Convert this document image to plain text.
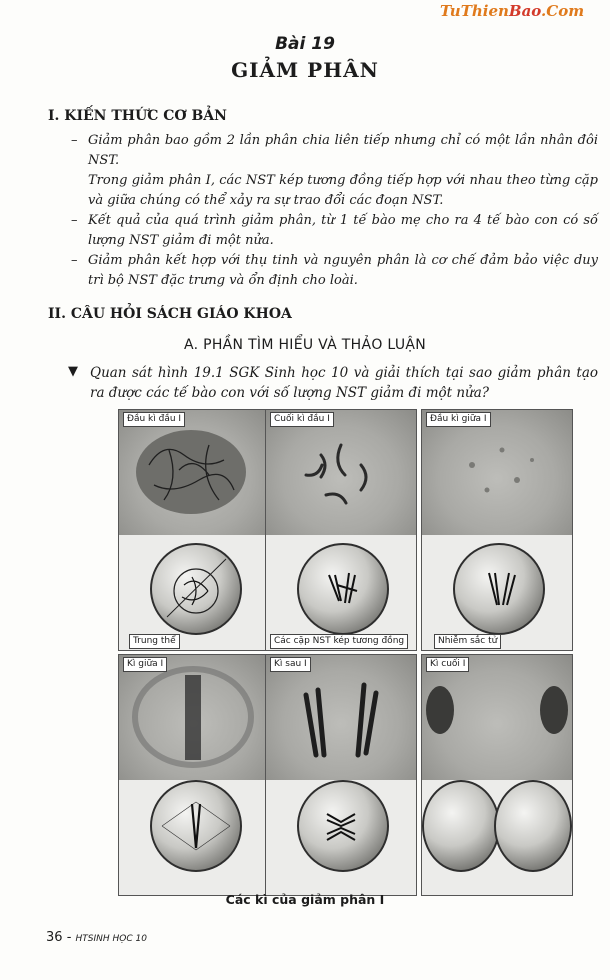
TuThienBao.Com
Bài 19
GIẢM PHÂN
I. KIẾN THỨC CƠ BẢN
– Giảm phân bao gồm 2 lần phân chia liên tiếp nhưng chỉ có một lần nhân đôi NST.
Trong giảm phân I, các NST kép tương đồng tiếp hợp với nhau theo từng cặp và giữa chúng có thể xảy ra sự trao đổi các đoạn NST.
– Kết quả của quá trình giảm phân, từ 1 tế bào mẹ cho ra 4 tế bào con có số lượng NST giảm đi một nửa.
– Giảm phân kết hợp với thụ tinh và nguyên phân là cơ chế đảm bảo việc duy trì bộ NST đặc trưng và ổn định cho loài.
II. CÂU HỎI SÁCH GIÁO KHOA
A. PHẦN TÌM HIỂU VÀ THẢO LUẬN
▼ Quan sát hình 19.1 SGK Sinh học 10 và giải thích tại sao giảm phân tạo ra được các tế bào con với số lượng NST giảm đi một nửa?
Đầu kì đầu I
Trung thể
Cuối kì đầu I
Các cặp NST kép tương đồng
Đầu kì giữa I
Nhiễm sắc tử
Kì giữa I	Kì sau I	Kì cuối I
Các kì của giảm phân I
36 - HTSINH HỌC 10
